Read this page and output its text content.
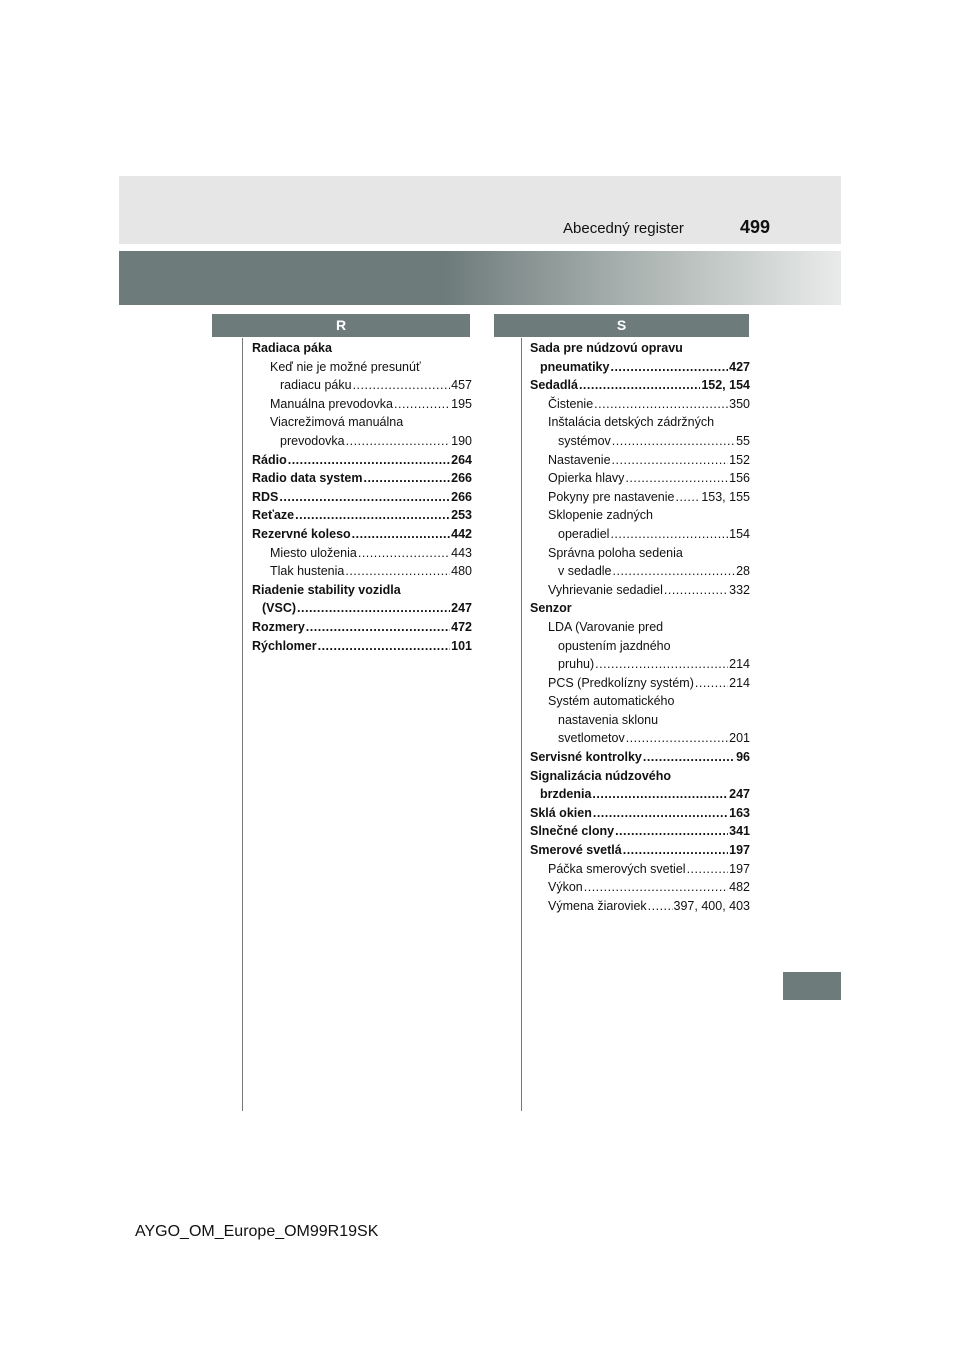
Abecedný register	499
R	S
Radiaca páka
Keď nie je možné presunúť
radiacu páku .....	457
Manuálna prevodovka .....	195
Viacrežimová manuálna
prevodovka .....	190
Rádio .....	264
Radio data system .....	266
RDS .....	266
Reťaze .....	253
Rezervné koleso .....	442
Miesto uloženia .....	443
Tlak hustenia .....	480
Riadenie stability vozidla
(VSC) .....	247
Rozmery .....	472
Rýchlomer .....	101
Sada pre núdzovú opravu
pneumatiky .....	427
Sedadlá .....	152, 154
Čistenie .....	350
Inštalácia detských zádržných
systémov .....	55
Nastavenie .....	152
Opierka hlavy .....	156
Pokyny pre nastavenie ..... 153, 155
Sklopenie zadných
operadiel .....	154
Správna poloha sedenia
v sedadle .....	28
Vyhrievanie sedadiel .....	332
Senzor
LDA (Varovanie pred
opustením jazdného
pruhu) .....	214
PCS (Predkolízny systém) .....	214
Systém automatického
nastavenia sklonu
svetlometov .....	201
Servisné kontrolky .....	96
Signalizácia núdzového
brzdenia .....	247
Sklá okien .....	163
Slnečné clony .....	341
Smerové svetlá .....	197
Páčka smerových svetiel .....	197
Výkon .....	482
Výmena žiaroviek ..... 397, 400, 403
AYGO_OM_Europe_OM99R19SK
